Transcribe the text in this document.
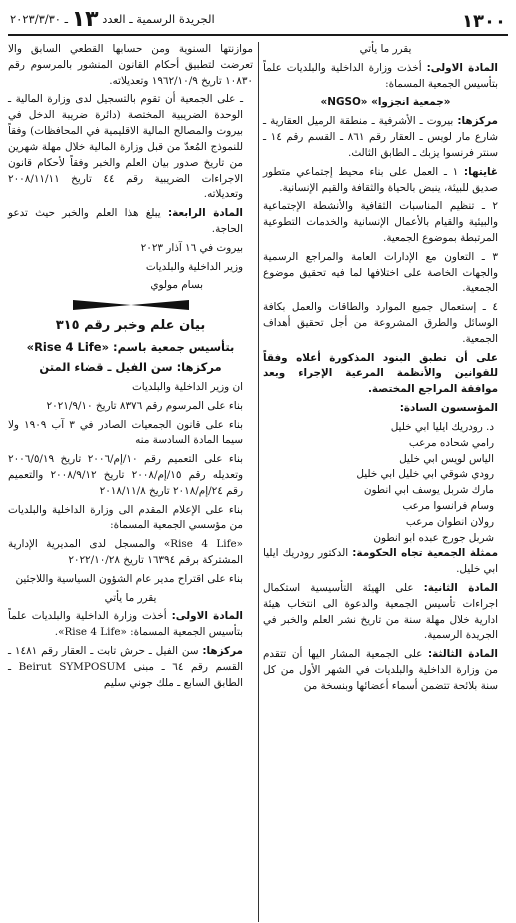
١٣٠٠
الجريدة الرسمية ـ العدد ١٣ ـ ٢٠٢٣/٣/٣٠

يقرر ما يأتي

المادة الاولى: أخذت وزارة الداخلية والبلديات علماً بتأسيس الجمعية المسماة:

«جمعية انجزوا» «NGSO»

مركزها: بيروت ـ الأشرفية ـ منطقة الرميل العقارية ـ شارع مار لويس ـ العقار رقم ٨٦١ ـ القسم رقم ١٤ ـ سنتر فرنسوا يزبك ـ الطابق الثالث.

غايتها: ١ ـ العمل على بناء محيط إجتماعي متطور صديق للبيئة، ينبض بالحياة والثقافة والقيم الإنسانية.

٢ ـ تنظيم المناسبات الثقافية والأنشطة الإجتماعية والبيئية والقيام بالأعمال الإنسانية والخدمات التطوعية المرتبطة بموضوع الجمعية.

٣ ـ التعاون مع الإدارات العامة والمراجع الرسمية والجهات الخاصة على اختلافها لما فيه تحقيق موضوع الجمعية.

٤ ـ إستعمال جميع الموارد والطاقات والعمل بكافة الوسائل والطرق المشروعة من أجل تحقيق أهداف الجمعية.

على أن تطبق البنود المذكورة أعلاه وفقاً للقوانين والأنظمة المرعية الإجراء وبعد موافقة المراجع المختصة.

المؤسسون السادة:

د. رودريك ايليا ابي خليل

رامي شحاده مرعب

الياس لويس ابي خليل

رودي شوقي ابي خليل ابي خليل

مارك شربل يوسف ابي انطون

وسام فرانسوا مرعب

رولان انطوان مرعب

شربل جورج عبده ابو انطون

ممثلة الجمعية تجاه الحكومة: الدكتور رودريك ايليا ابي خليل.

المادة الثانية: على الهيئة التأسيسية استكمال اجراءات تأسيس الجمعية والدعوة الى انتخاب هيئة ادارية خلال مهلة سنة من تاريخ نشر العلم والخبر في الجريدة الرسمية.

المادة الثالثة: على الجمعية المشار اليها أن تتقدم من وزارة الداخلية والبلديات في الشهر الأول من كل سنة بلائحة تتضمن أسماء أعضائها وبنسخة من

موازنتها السنوية ومن حسابها القطعي السابق والا تعرضت لتطبيق أحكام القانون المنشور بالمرسوم رقم ١٠٨٣٠ تاريخ ١٩٦٢/١٠/٩ وتعديلاته.

ـ على الجمعية أن تقوم بالتسجيل لدى وزارة المالية ـ الوحدة الضريبية المختصة (دائرة ضريبة الدخل في بيروت والمصالح المالية الاقليمية في المحافظات) وفقاً للنموذج المُعدّ من قبل وزارة المالية خلال مهلة شهرين من تاريخ صدور بيان العلم والخبر وفقاً لأحكام قانون الاجراءات الضريبية رقم ٤٤ تاريخ ٢٠٠٨/١١/١١ وتعديلاته.

المادة الرابعة: يبلغ هذا العلم والخبر حيث تدعو الحاجة.

بيروت في ١٦ آذار ٢٠٢٣

وزير الداخلية والبلديات

بسام مولوي

بيان علم وخبر رقم ٣١٥

بتأسيس جمعية باسم: «Rise 4 Life»

مركزها: سن الفيل ـ قضاء المتن

ان وزير الداخلية والبلديات

بناء على المرسوم رقم ٨٣٧٦ تاريخ ٢٠٢١/٩/١٠

بناء على قانون الجمعيات الصادر في ٣ آب ١٩٠٩ ولا سيما المادة السادسة منه

بناء على التعميم رقم ١٠/إم/٢٠٠٦ تاريخ ٢٠٠٦/٥/١٩ وتعديله رقم ١٥/إم/٢٠٠٨ تاريخ ٢٠٠٨/٩/١٢ والتعميم رقم ٢٤/إم/٢٠١٨ تاريخ ٢٠١٨/١١/٨

بناء على الإعلام المقدم الى وزارة الداخلية والبلديات من مؤسسي الجمعية المسماة:

«Rise 4 Life» والمسجل لدى المديرية الإدارية المشتركة برقم ١٦٣٩٤ تاريخ ٢٠٢٢/١٠/٢٨

بناء على اقتراح مدير عام الشؤون السياسية واللاجئين

يقرر ما يأتي

المادة الاولى: أخذت وزارة الداخلية والبلديات علماً بتأسيس الجمعية المسماة: «Rise 4 Life».

مركزها: سن الفيل ـ حرش تابت ـ العقار رقم ١٤٨١ ـ القسم رقم ٦٤ ـ مبنى Beirut SYMPOSUM ـ الطابق السابع ـ ملك جوني سليم
